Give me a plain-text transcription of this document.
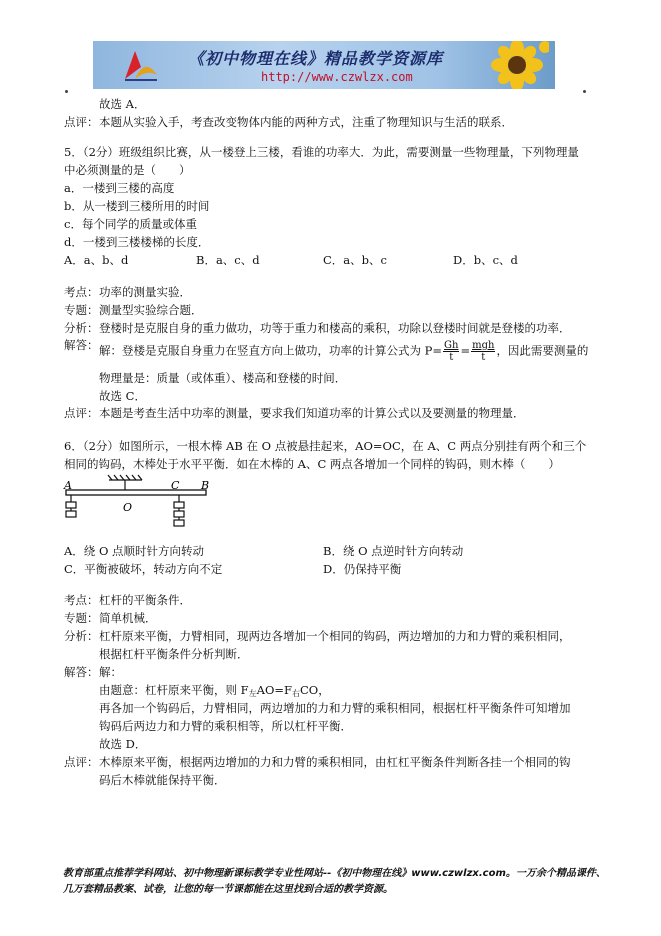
《初中物理在线》精品教学资源库
http://www.czwlzx.com
故选 A．
点评： 本题从实验入手，考查改变物体内能的两种方式，注重了物理知识与生活的联系．
5．（2分）班级组织比赛，从一楼登上三楼，看谁的功率大．为此，需要测量一些物理量，下列物理量
中必须测量的是（　　）
a．一楼到三楼的高度
b．从一楼到三楼所用的时间
c．每个同学的质量或体重
d．一楼到三楼楼梯的长度．
A．a、b、d	B．a、c、d	C．a、b、c	D．b、c、d
考点： 功率的测量实验．
专题： 测量型实验综合题．
分析： 登楼时是克服自身的重力做功，功等于重力和楼高的乘积，功除以登楼时间就是登楼的功率．
解答： 解：登楼是克服自身重力在竖直方向上做功，功率的计算公式为 $P= \frac{Gh}{t} = \frac{\text{mgh}}{t}$ ，因此需要测量的
物理量是：质量（或体重）、楼高和登楼的时间．
故选 C．
点评： 本题是考查生活中功率的测量，要求我们知道功率的计算公式以及要测量的物理量．
6．（2分）如图所示，一根木棒 AB 在 O 点被悬挂起来，AO=OC，在 A、C 两点分别挂有两个和三个
相同的钩码，木棒处于水平平衡．如在木棒的 A、C 两点各增加一个同样的钩码，则木棒（　　）
A
O
C B
A．绕 O 点顺时针方向转动	B．绕 O 点逆时针方向转动
C．平衡被破坏，转动方向不定	D．仍保持平衡
考点： 杠杆的平衡条件．
专题： 简单机械．
分析： 杠杆原来平衡，力臂相同，现两边各增加一个相同的钩码，两边增加的力和力臂的乘积相同，
根据杠杆平衡条件分析判断．
解答： 解：
由题意：杠杆原来平衡，则 $F_左AO=F_右CO$，
再各加一个钩码后，力臂相同，两边增加的力和力臂的乘积相同，根据杠杆平衡条件可知增加
钩码后两边力和力臂的乘积相等，所以杠杆平衡．
故选 D．
点评： 木棒原来平衡，根据两边增加的力和力臂的乘积相同，由杠杠平衡条件判断各挂一个相同的钩
码后木棒就能保持平衡．
教育部重点推荐学科网站、初中物理新课标教学专业性网站--《初中物理在线》www.czwlzx.com。一万余个精品课件、
几万套精品教案、试卷，让您的每一节课都能在这里找到合适的教学资源。
